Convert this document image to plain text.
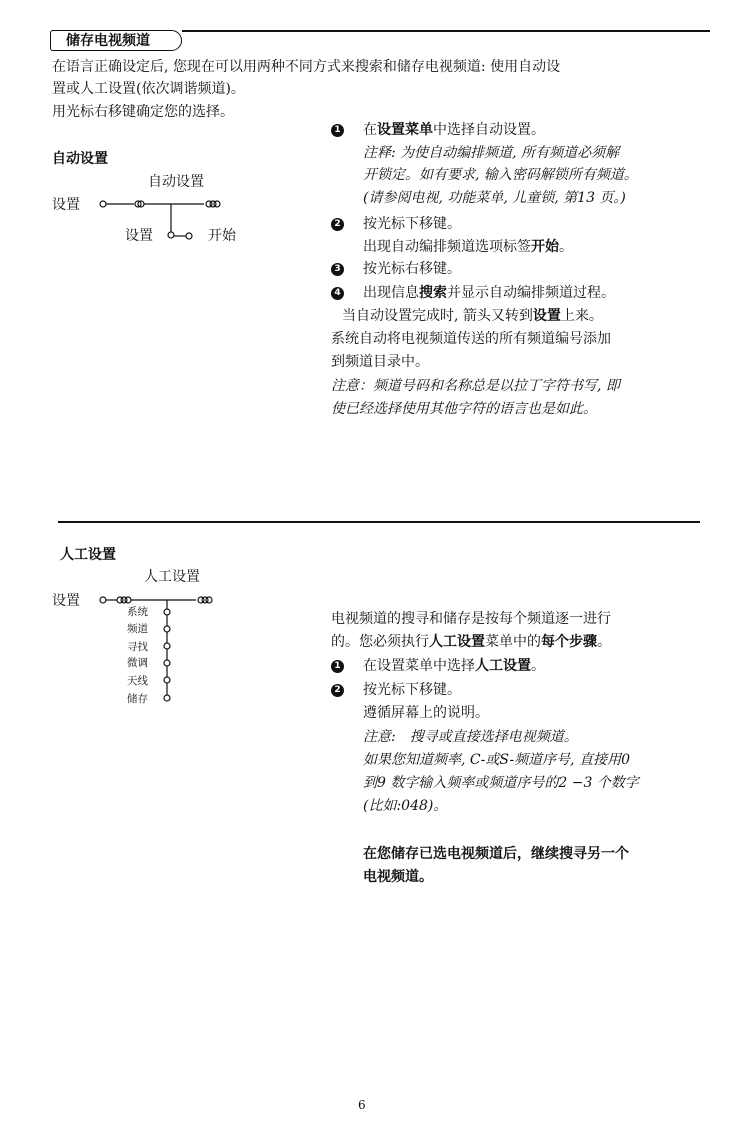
储存电视频道
在语言正确设定后, 您现在可以用两种不同方式来搜索和储存电视频道: 使用自动设
置或人工设置(依次调谐频道)。
用光标右移键确定您的选择。
自动设置
自动设置
设置
设置	开始
1 在设置菜单中选择自动设置。
注释: 为使自动编排频道, 所有频道必须解
开锁定。如有要求, 输入密码解锁所有频道。
(请参阅电视, 功能菜单, 儿童锁, 第13 页。)
2 按光标下移键。
出现自动编排频道选项标签开始。
3 按光标右移键。
4 出现信息搜索并显示自动编排频道过程。
当自动设置完成时, 箭头又转到设置上来。
系统自动将电视频道传送的所有频道编号添加
到频道目录中。
注意：频道号码和名称总是以拉丁字符书写, 即
使已经选择使用其他字符的语言也是如此。
人工设置
人工设置
设置
系统
频道
寻找
微调
天线
储存
电视频道的搜寻和储存是按每个频道逐一进行
的。您必须执行人工设置菜单中的每个步骤。
1 在设置菜单中选择人工设置。
2 按光标下移键。
遵循屏幕上的说明。
注意:　搜寻或直接选择电视频道。
如果您知道频率, C-或S-频道序号, 直接用0
到9 数字输入频率或频道序号的2 −3 个数字
(比如:048)。
在您储存已选电视频道后，继续搜寻另一个
电视频道。
6
